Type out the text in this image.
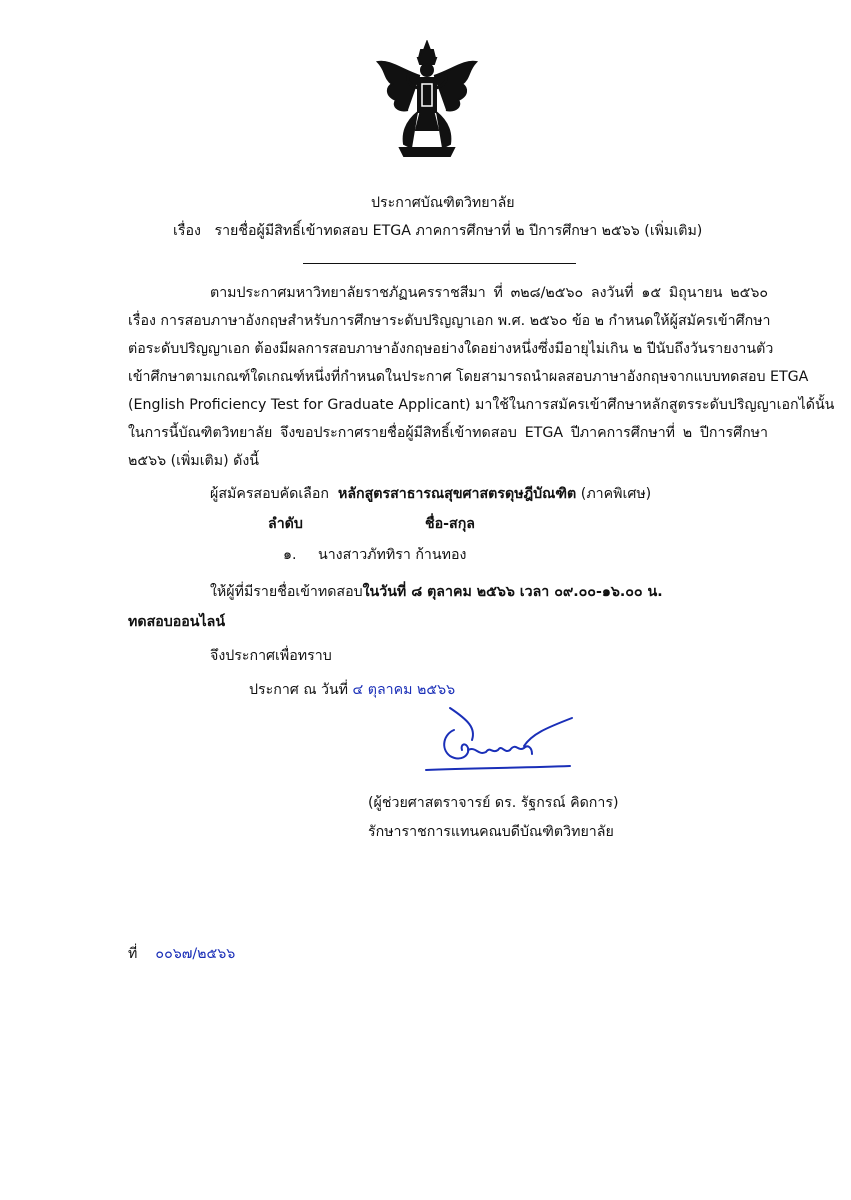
ประกาศบัณฑิตวิทยาลัย
เรื่อง รายชื่อผู้มีสิทธิ์เข้าทดสอบ ETGA ภาคการศึกษาที่ ๒ ปีการศึกษา ๒๕๖๖ (เพิ่มเติม)
ตามประกาศมหาวิทยาลัยราชภัฏนครราชสีมา ที่ ๓๒๘/๒๕๖๐ ลงวันที่ ๑๕ มิถุนายน ๒๕๖๐
เรื่อง การสอบภาษาอังกฤษสำหรับการศึกษาระดับปริญญาเอก พ.ศ. ๒๕๖๐ ข้อ ๒ กำหนดให้ผู้สมัครเข้าศึกษา
ต่อระดับปริญญาเอก ต้องมีผลการสอบภาษาอังกฤษอย่างใดอย่างหนึ่งซึ่งมีอายุไม่เกิน ๒ ปีนับถึงวันรายงานตัว
เข้าศึกษาตามเกณฑ์ใดเกณฑ์หนึ่งที่กำหนดในประกาศ โดยสามารถนำผลสอบภาษาอังกฤษจากแบบทดสอบ ETGA
(English Proficiency Test for Graduate Applicant) มาใช้ในการสมัครเข้าศึกษาหลักสูตรระดับปริญญาเอกได้นั้น
ในการนี้บัณฑิตวิทยาลัย จึงขอประกาศรายชื่อผู้มีสิทธิ์เข้าทดสอบ ETGA ปีภาคการศึกษาที่ ๒ ปีการศึกษา
๒๕๖๖ (เพิ่มเติม) ดังนี้
ผู้สมัครสอบคัดเลือก หลักสูตรสาธารณสุขศาสตรดุษฎีบัณฑิต (ภาคพิเศษ)
ลำดับ	ชื่อ-สกุล
๑. นางสาวภัททิรา ก้านทอง
ให้ผู้ที่มีรายชื่อเข้าทดสอบในวันที่ ๘ ตุลาคม ๒๕๖๖ เวลา ๐๙.๐๐-๑๖.๐๐ น.
ทดสอบออนไลน์
จึงประกาศเพื่อทราบ
ประกาศ ณ วันที่ ๔ ตุลาคม ๒๕๖๖
(ผู้ช่วยศาสตราจารย์ ดร. รัฐกรณ์ คิดการ)
รักษาราชการแทนคณบดีบัณฑิตวิทยาลัย
ที่ ๐๐๖๗/๒๕๖๖
